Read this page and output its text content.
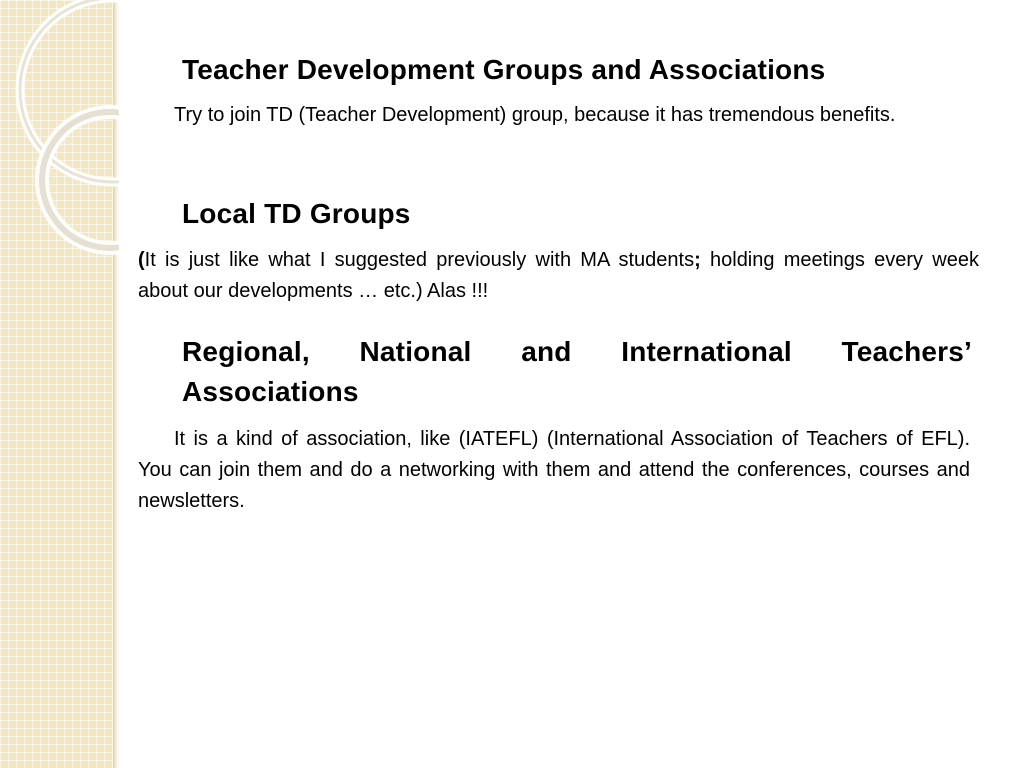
Teacher Development Groups and Associations

Try to join TD (Teacher Development) group, because it has tremendous benefits.

Local TD Groups

(It is just like what I suggested previously with MA students; holding meetings every week about our developments … etc.) Alas !!!

Regional, National and International Teachers’ Associations

It is a kind of association, like (IATEFL) (International Association of Teachers of EFL). You can join them and do a networking with them and attend the conferences, courses and newsletters.
